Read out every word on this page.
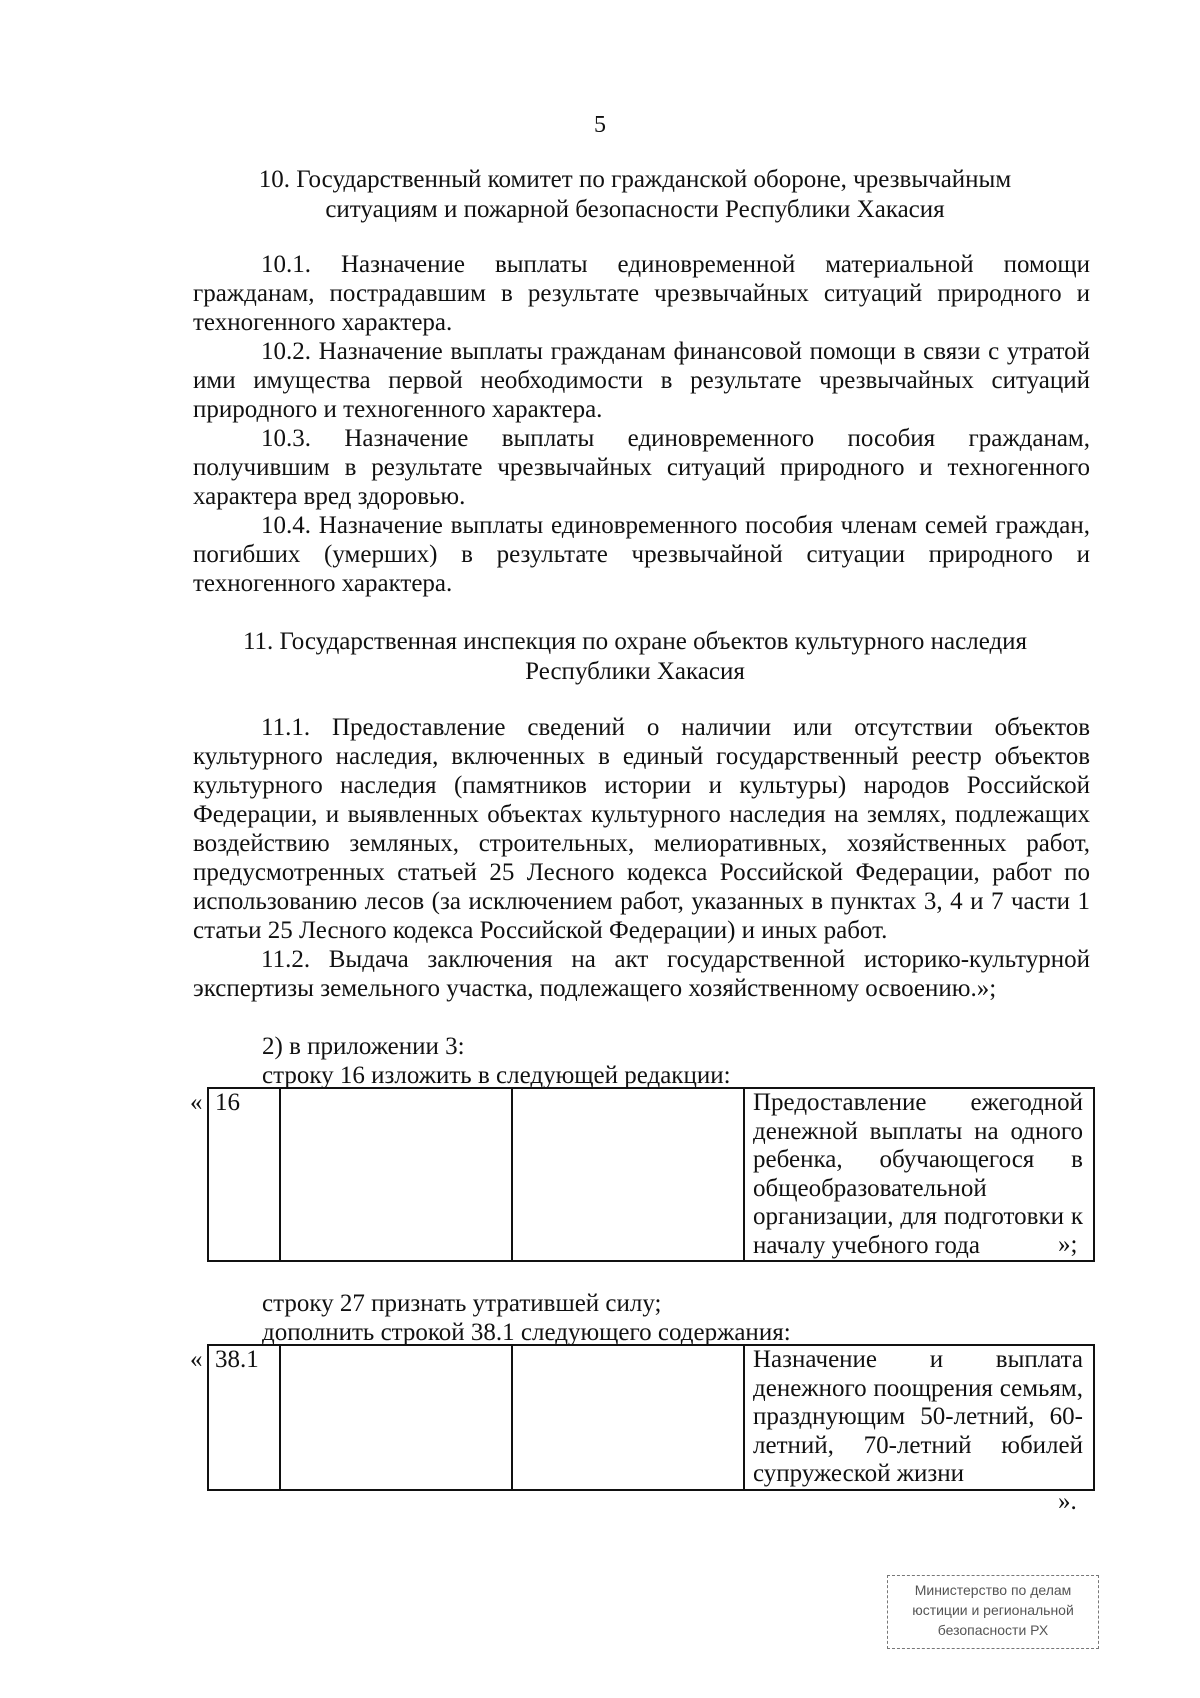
5
10. Государственный комитет по гражданской обороне, чрезвычайным
ситуациям и пожарной безопасности Республики Хакасия

10.1. Назначение выплаты единовременной материальной помощи гражданам, пострадавшим в результате чрезвычайных ситуаций природного и техногенного характера.

10.2. Назначение выплаты гражданам финансовой помощи в связи с утратой ими имущества первой необходимости в результате чрезвычайных ситуаций природного и техногенного характера.

10.3. Назначение выплаты единовременного пособия гражданам, получившим в результате чрезвычайных ситуаций природного и техногенного характера вред здоровью.

10.4. Назначение выплаты единовременного пособия членам семей граждан, погибших (умерших) в результате чрезвычайной ситуации природного и техногенного характера.

11. Государственная инспекция по охране объектов культурного наследия
Республики Хакасия

11.1. Предоставление сведений о наличии или отсутствии объектов культурного наследия, включенных в единый государственный реестр объектов культурного наследия (памятников истории и культуры) народов Российской Федерации, и выявленных объектах культурного наследия на землях, подлежащих воздействию земляных, строительных, мелиоративных, хозяйственных работ, предусмотренных статьей 25 Лесного кодекса Российской Федерации, работ по использованию лесов (за исключением работ, указанных в пунктах 3, 4 и 7 части 1 статьи 25 Лесного кодекса Российской Федерации) и иных работ.

11.2. Выдача заключения на акт государственной историко-культурной экспертизы земельного участка, подлежащего хозяйственному освоению.»;

2) в приложении 3:
строку 16 изложить в следующей редакции:
« 16			Предоставление ежегодной денежной выплаты на одного ребенка, обучающегося в общеобразовательной организации, для подготовки к началу учебного года	»;
строку 27 признать утратившей силу;
дополнить строкой 38.1 следующего содержания:
« 38.1			Назначение и выплата денежного поощрения семьям, празднующим 50-летний, 60-летний, 70-летний юбилей супружеской жизни
».
Министерство по делам
юстиции и региональной
безопасности РХ
